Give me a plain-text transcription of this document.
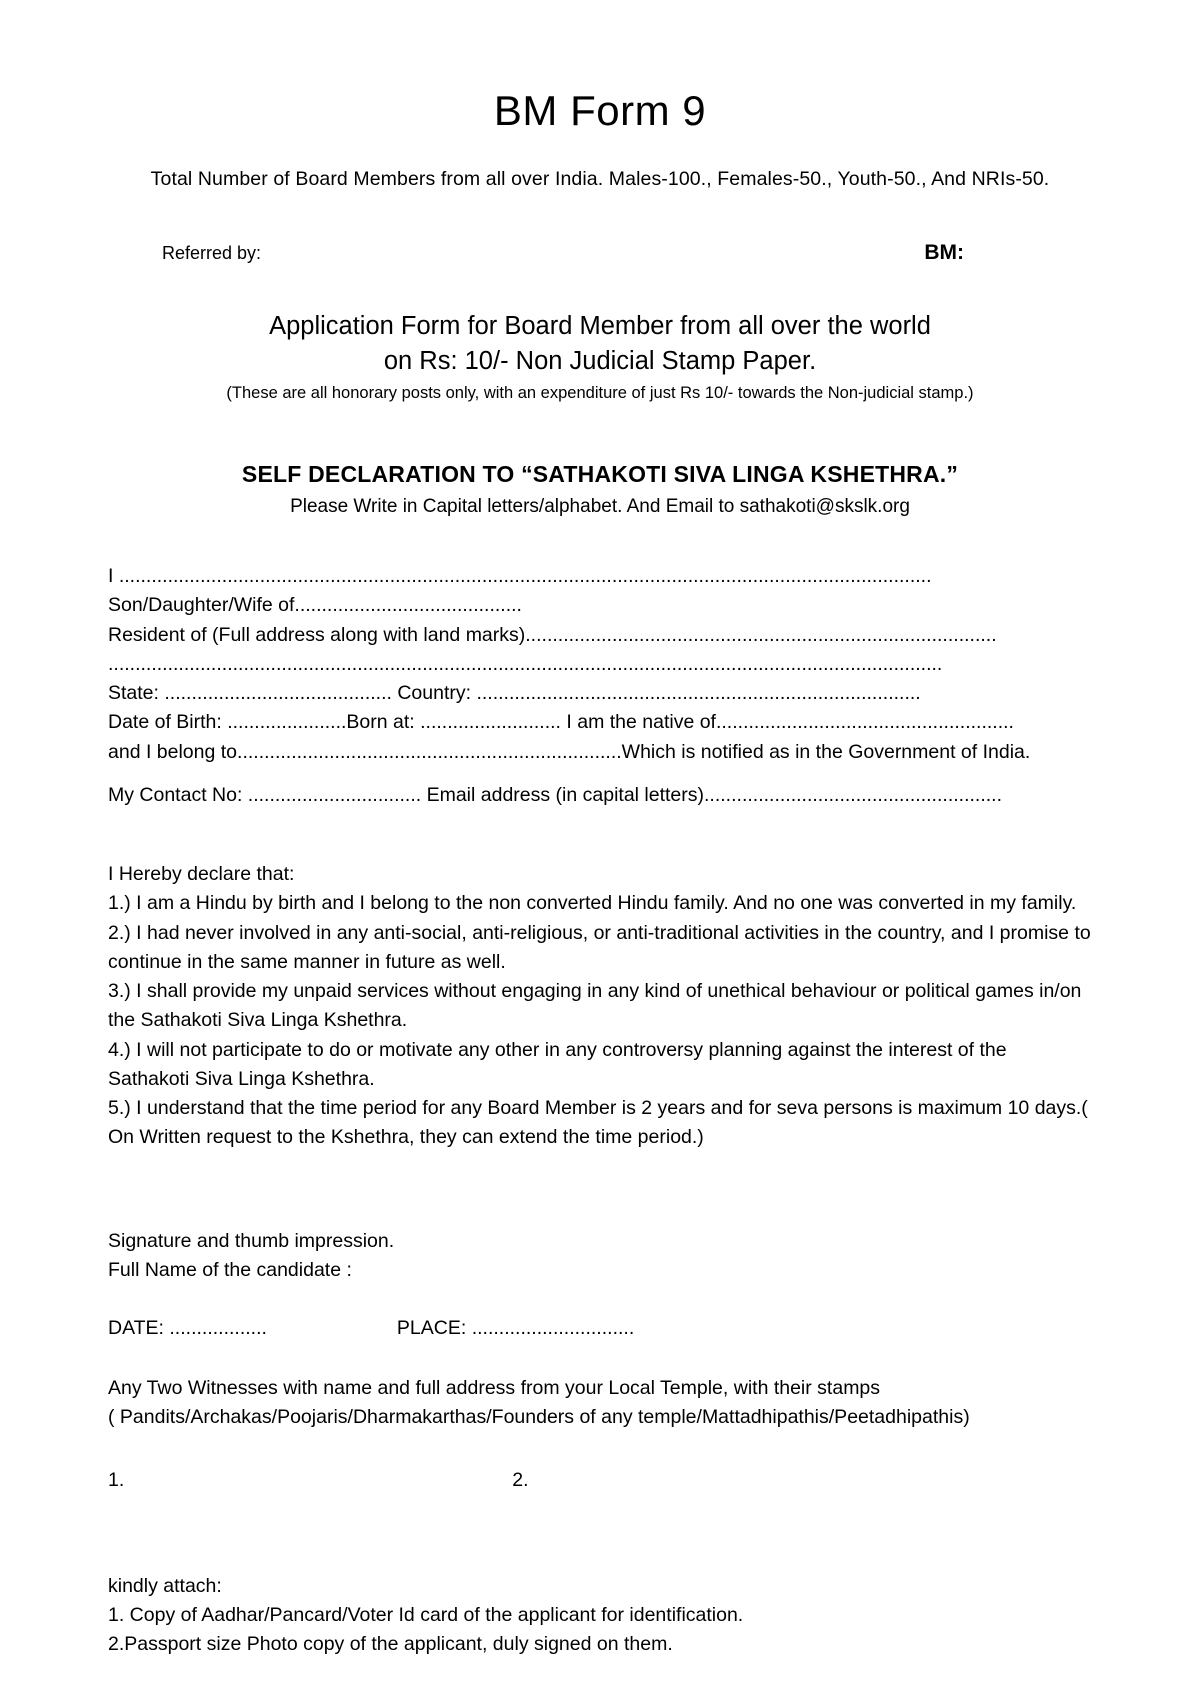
BM Form 9
Total Number of Board Members from all over India. Males-100., Females-50., Youth-50., And NRIs-50.
Referred by:	BM:
Application Form for Board Member from all over the world
on Rs: 10/- Non Judicial Stamp Paper.
(These are all honorary posts only, with an expenditure of just Rs 10/- towards the Non-judicial stamp.)
SELF DECLARATION TO “SATHAKOTI SIVA LINGA KSHETHRA.”
Please Write in Capital letters/alphabet. And Email to sathakoti@skslk.org
I ......................................................................................................................................................
Son/Daughter/Wife of..........................................
Resident of (Full address along with land marks).......................................................................................
..........................................................................................................................................................
State: .......................................... Country: ..................................................................................
Date of Birth: ......................Born at: .......................... I am the native of.......................................................
and I belong to.......................................................................Which is notified as in the Government of India.
My Contact No: ................................ Email address (in capital letters).......................................................

I Hereby declare that:

1.) I am a Hindu by birth and I belong to the non converted Hindu family. And no one was converted in my family.

2.) I had never involved in any anti-social, anti-religious, or anti-traditional activities in the country, and I promise to continue in the same manner in future as well.

3.) I shall provide my unpaid services without engaging in any kind of unethical behaviour or political games in/on the Sathakoti Siva Linga Kshethra.

4.) I will not participate to do or motivate any other in any controversy planning against the interest of the Sathakoti Siva Linga Kshethra.

5.) I understand that the time period for any Board Member is 2 years and for seva persons is maximum 10 days.( On Written request to the Kshethra, they can extend the time period.)

Signature and thumb impression.
Full Name of the candidate :
DATE: ..................	PLACE: ..............................
Any Two Witnesses with name and full address from your Local Temple, with their stamps
( Pandits/Archakas/Poojaris/Dharmakarthas/Founders of any temple/Mattadhipathis/Peetadhipathis)
1.	2.

kindly attach:

1. Copy of Aadhar/Pancard/Voter Id card of the applicant for identification.

2.Passport size Photo copy of the applicant, duly signed on them.
